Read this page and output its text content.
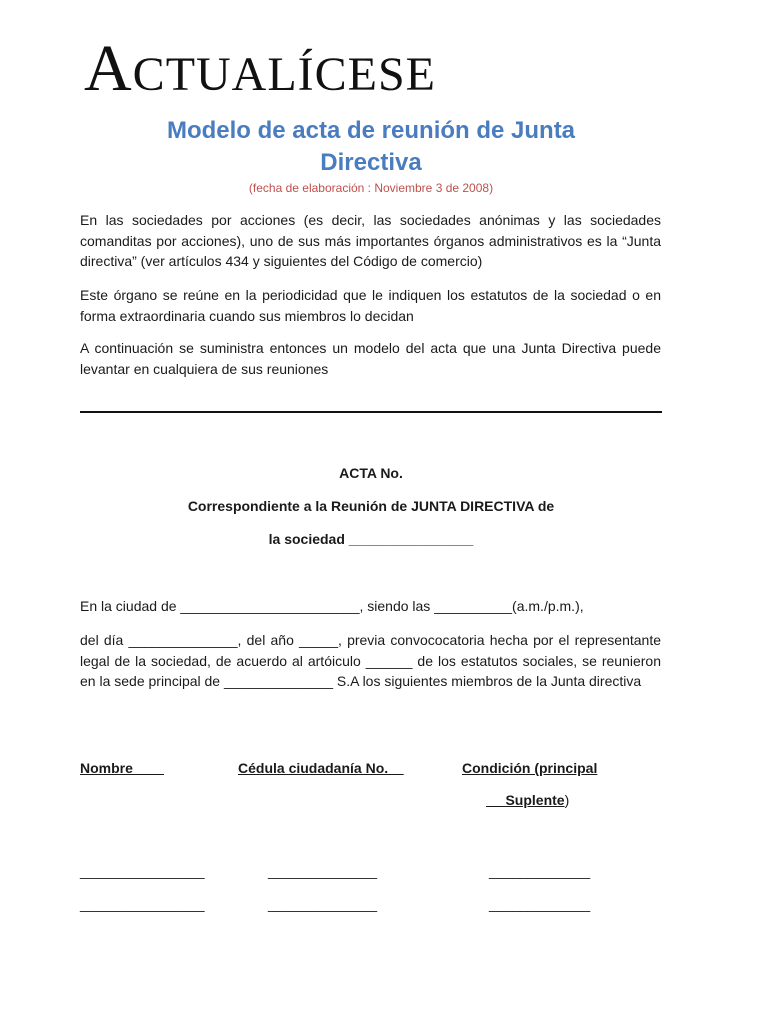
ACTUALÍCESE
Modelo de acta de reunión de Junta
Directiva
(fecha de elaboración : Noviembre 3 de 2008)
En las sociedades por acciones (es decir, las sociedades anónimas y las sociedades comanditas por acciones), uno de sus más importantes órganos administrativos es la “Junta directiva” (ver artículos 434 y siguientes del Código de comercio)
Este órgano se reúne en la periodicidad que le indiquen los estatutos de la sociedad o en forma extraordinaria cuando sus miembros lo decidan
A continuación se suministra entonces un modelo del acta que una Junta Directiva puede levantar en cualquiera de sus reuniones
ACTA No.
Correspondiente a la Reunión de JUNTA DIRECTIVA de
la sociedad ________________
En la ciudad de _______________________, siendo las __________(a.m./p.m.),
del día ______________, del año _____, previa convococatoria hecha por el representante legal de la sociedad, de acuerdo al artóiculo ______ de los estatutos sociales, se reunieron en la sede principal de ______________ S.A los siguientes miembros de la Junta directiva
Nombre	Cédula ciudadanía No.	Condición (principal
Suplente)
________________	______________	_____________
________________	______________	_____________
